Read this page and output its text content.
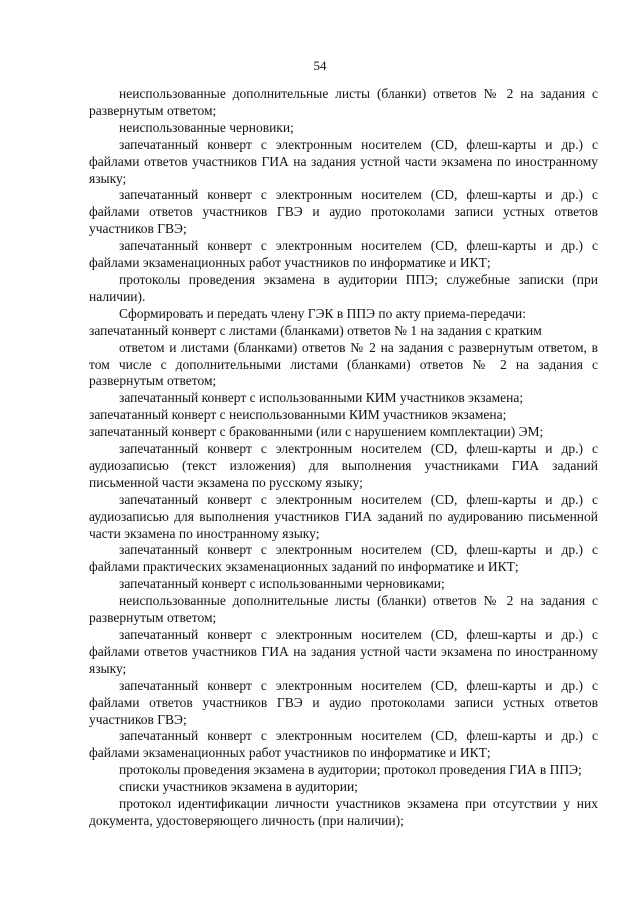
54

неиспользованные дополнительные листы (бланки) ответов № 2 на задания с развернутым ответом;

неиспользованные черновики;

запечатанный конверт с электронным носителем (CD, флеш-карты и др.) с файлами ответов участников ГИА на задания устной части экзамена по иностранному языку;

запечатанный конверт с электронным носителем (CD, флеш-карты и др.) с файлами ответов участников ГВЭ и аудио протоколами записи устных ответов участников ГВЭ;

запечатанный конверт с электронным носителем (CD, флеш-карты и др.) с файлами экзаменационных работ участников по информатике и ИКТ;

протоколы проведения экзамена в аудитории ППЭ; служебные записки (при наличии).

Сформировать и передать члену ГЭК в ППЭ по акту приема-передачи:

запечатанный конверт с листами (бланками) ответов № 1 на задания с кратким

ответом и листами (бланками) ответов № 2 на задания с развернутым ответом, в том числе с дополнительными листами (бланками) ответов № 2 на задания с развернутым ответом;

запечатанный конверт с использованными КИМ участников экзамена;

запечатанный конверт с неиспользованными КИМ участников экзамена;

запечатанный конверт с бракованными (или с нарушением комплектации) ЭМ;

запечатанный конверт с электронным носителем (CD, флеш-карты и др.) с аудиозаписью (текст изложения) для выполнения участниками ГИА заданий письменной части экзамена по русскому языку;

запечатанный конверт с электронным носителем (CD, флеш-карты и др.) с аудиозаписью для выполнения участников ГИА заданий по аудированию письменной части экзамена по иностранному языку;

запечатанный конверт с электронным носителем (CD, флеш-карты и др.) с файлами практических экзаменационных заданий по информатике и ИКТ;

запечатанный конверт с использованными черновиками;

неиспользованные дополнительные листы (бланки) ответов № 2 на задания с развернутым ответом;

запечатанный конверт с электронным носителем (CD, флеш-карты и др.) с файлами ответов участников ГИА на задания устной части экзамена по иностранному языку;

запечатанный конверт с электронным носителем (CD, флеш-карты и др.) с файлами ответов участников ГВЭ и аудио протоколами записи устных ответов участников ГВЭ;

запечатанный конверт с электронным носителем (CD, флеш-карты и др.) с файлами экзаменационных работ участников по информатике и ИКТ;

протоколы проведения экзамена в аудитории; протокол проведения ГИА в ППЭ;

списки участников экзамена в аудитории;

протокол идентификации личности участников экзамена при отсутствии у них документа, удостоверяющего личность (при наличии);
